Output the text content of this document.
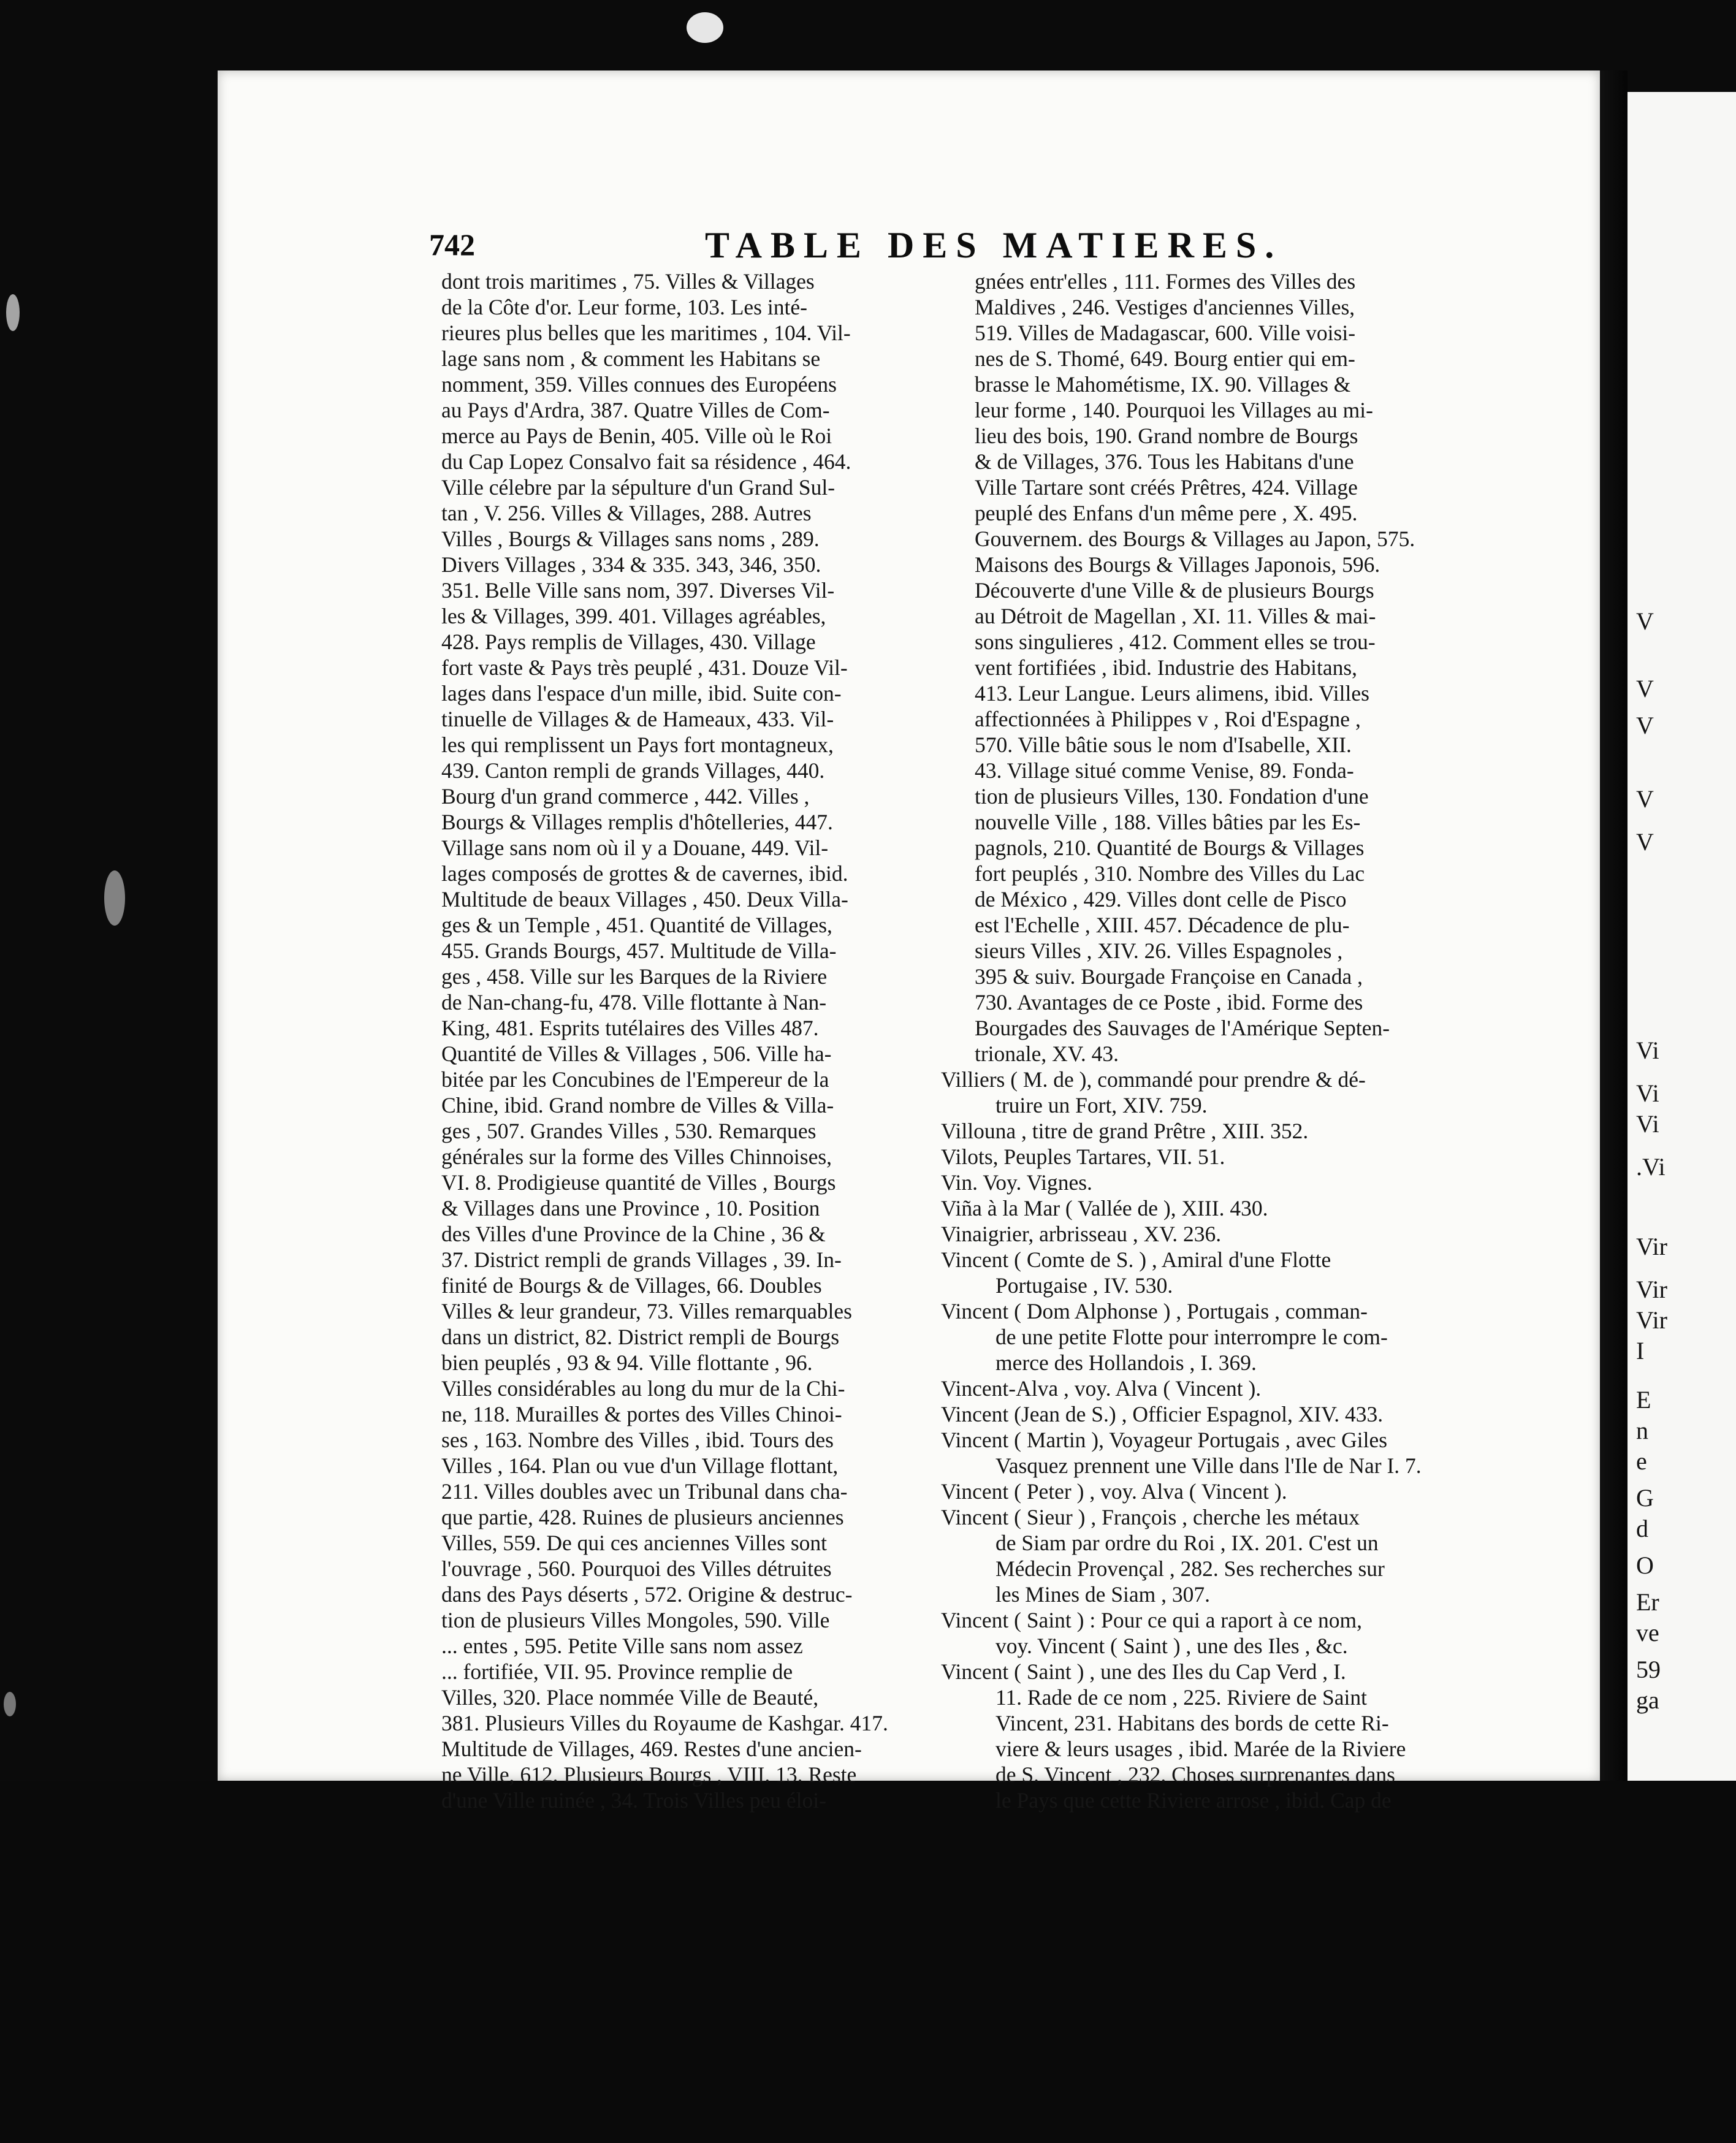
V
V
V
V
V
Vi
Vi
Vi
.Vi
Vir
Vir
Vir
I
E
n
e
G
d
O
Er
ve
59
ga
742	TABLE DES MATIERES.
dont trois maritimes , 75. Villes & Villages
de la Côte d'or. Leur forme, 103. Les inté-
rieures plus belles que les maritimes , 104. Vil-
lage sans nom , & comment les Habitans se
nomment, 359. Villes connues des Européens
au Pays d'Ardra, 387. Quatre Villes de Com-
merce au Pays de Benin, 405. Ville où le Roi
du Cap Lopez Consalvo fait sa résidence , 464.
Ville célebre par la sépulture d'un Grand Sul-
tan , V. 256. Villes & Villages, 288. Autres
Villes , Bourgs & Villages sans noms , 289.
Divers Villages , 334 & 335. 343, 346, 350.
351. Belle Ville sans nom, 397. Diverses Vil-
les & Villages, 399. 401. Villages agréables,
428. Pays remplis de Villages, 430. Village
fort vaste & Pays très peuplé , 431. Douze Vil-
lages dans l'espace d'un mille, ibid. Suite con-
tinuelle de Villages & de Hameaux, 433. Vil-
les qui remplissent un Pays fort montagneux,
439. Canton rempli de grands Villages, 440.
Bourg d'un grand commerce , 442. Villes ,
Bourgs & Villages remplis d'hôtelleries, 447.
Village sans nom où il y a Douane, 449. Vil-
lages composés de grottes & de cavernes, ibid.
Multitude de beaux Villages , 450. Deux Villa-
ges & un Temple , 451. Quantité de Villages,
455. Grands Bourgs, 457. Multitude de Villa-
ges , 458. Ville sur les Barques de la Riviere
de Nan-chang-fu, 478. Ville flottante à Nan-
King, 481. Esprits tutélaires des Villes 487.
Quantité de Villes & Villages , 506. Ville ha-
bitée par les Concubines de l'Empereur de la
Chine, ibid. Grand nombre de Villes & Villa-
ges , 507. Grandes Villes , 530. Remarques
générales sur la forme des Villes Chinnoises,
VI. 8. Prodigieuse quantité de Villes , Bourgs
& Villages dans une Province , 10. Position
des Villes d'une Province de la Chine , 36 &
37. District rempli de grands Villages , 39. In-
finité de Bourgs & de Villages, 66. Doubles
Villes & leur grandeur, 73. Villes remarquables
dans un district, 82. District rempli de Bourgs
bien peuplés , 93 & 94. Ville flottante , 96.
Villes considérables au long du mur de la Chi-
ne, 118. Murailles & portes des Villes Chinoi-
ses , 163. Nombre des Villes , ibid. Tours des
Villes , 164. Plan ou vue d'un Village flottant,
211. Villes doubles avec un Tribunal dans cha-
que partie, 428. Ruines de plusieurs anciennes
Villes, 559. De qui ces anciennes Villes sont
l'ouvrage , 560. Pourquoi des Villes détruites
dans des Pays déserts , 572. Origine & destruc-
tion de plusieurs Villes Mongoles, 590. Ville
... entes , 595. Petite Ville sans nom assez
... fortifiée, VII. 95. Province remplie de
Villes, 320. Place nommée Ville de Beauté,
381. Plusieurs Villes du Royaume de Kashgar. 417.
Multitude de Villages, 469. Restes d'une ancien-
ne Ville, 612. Plusieurs Bourgs , VIII. 13. Reste
d'une Ville ruinée , 34. Trois Villes peu éloi-
gnées entr'elles , 111. Formes des Villes des
Maldives , 246. Vestiges d'anciennes Villes,
519. Villes de Madagascar, 600. Ville voisi-
nes de S. Thomé, 649. Bourg entier qui em-
brasse le Mahométisme, IX. 90. Villages &
leur forme , 140. Pourquoi les Villages au mi-
lieu des bois, 190. Grand nombre de Bourgs
& de Villages, 376. Tous les Habitans d'une
Ville Tartare sont créés Prêtres, 424. Village
peuplé des Enfans d'un même pere , X. 495.
Gouvernem. des Bourgs & Villages au Japon, 575.
Maisons des Bourgs & Villages Japonois, 596.
Découverte d'une Ville & de plusieurs Bourgs
au Détroit de Magellan , XI. 11. Villes & mai-
sons singulieres , 412. Comment elles se trou-
vent fortifiées , ibid. Industrie des Habitans,
413. Leur Langue. Leurs alimens, ibid. Villes
affectionnées à Philippes v , Roi d'Espagne ,
570. Ville bâtie sous le nom d'Isabelle, XII.
43. Village situé comme Venise, 89. Fonda-
tion de plusieurs Villes, 130. Fondation d'une
nouvelle Ville , 188. Villes bâties par les Es-
pagnols, 210. Quantité de Bourgs & Villages
fort peuplés , 310. Nombre des Villes du Lac
de México , 429. Villes dont celle de Pisco
est l'Echelle , XIII. 457. Décadence de plu-
sieurs Villes , XIV. 26. Villes Espagnoles ,
395 & suiv. Bourgade Françoise en Canada ,
730. Avantages de ce Poste , ibid. Forme des
Bourgades des Sauvages de l'Amérique Septen-
trionale, XV. 43.
Villiers ( M. de ), commandé pour prendre & dé-
truire un Fort, XIV. 759.
Villouna , titre de grand Prêtre , XIII. 352.
Vilots, Peuples Tartares, VII. 51.
Vin. Voy. Vignes.
Viña à la Mar ( Vallée de ), XIII. 430.
Vinaigrier, arbrisseau , XV. 236.
Vincent ( Comte de S. ) , Amiral d'une Flotte
Portugaise , IV. 530.
Vincent ( Dom Alphonse ) , Portugais , comman-
de une petite Flotte pour interrompre le com-
merce des Hollandois , I. 369.
Vincent-Alva , voy. Alva ( Vincent ).
Vincent (Jean de S.) , Officier Espagnol, XIV. 433.
Vincent ( Martin ), Voyageur Portugais , avec Giles
Vasquez prennent une Ville dans l'Ile de Nar I. 7.
Vincent ( Peter ) , voy. Alva ( Vincent ).
Vincent ( Sieur ) , François , cherche les métaux
de Siam par ordre du Roi , IX. 201. C'est un
Médecin Provençal , 282. Ses recherches sur
les Mines de Siam , 307.
Vincent ( Saint ) : Pour ce qui a raport à ce nom,
voy. Vincent ( Saint ) , une des Iles , &c.
Vincent ( Saint ) , une des Iles du Cap Verd , I.
11. Rade de ce nom , 225. Riviere de Saint
Vincent, 231. Habitans des bords de cette Ri-
viere & leurs usages , ibid. Marée de la Riviere
de S. Vincent , 232. Choses surprenantes dans
le Pays que cette Riviere arrose , ibid. Cap de
